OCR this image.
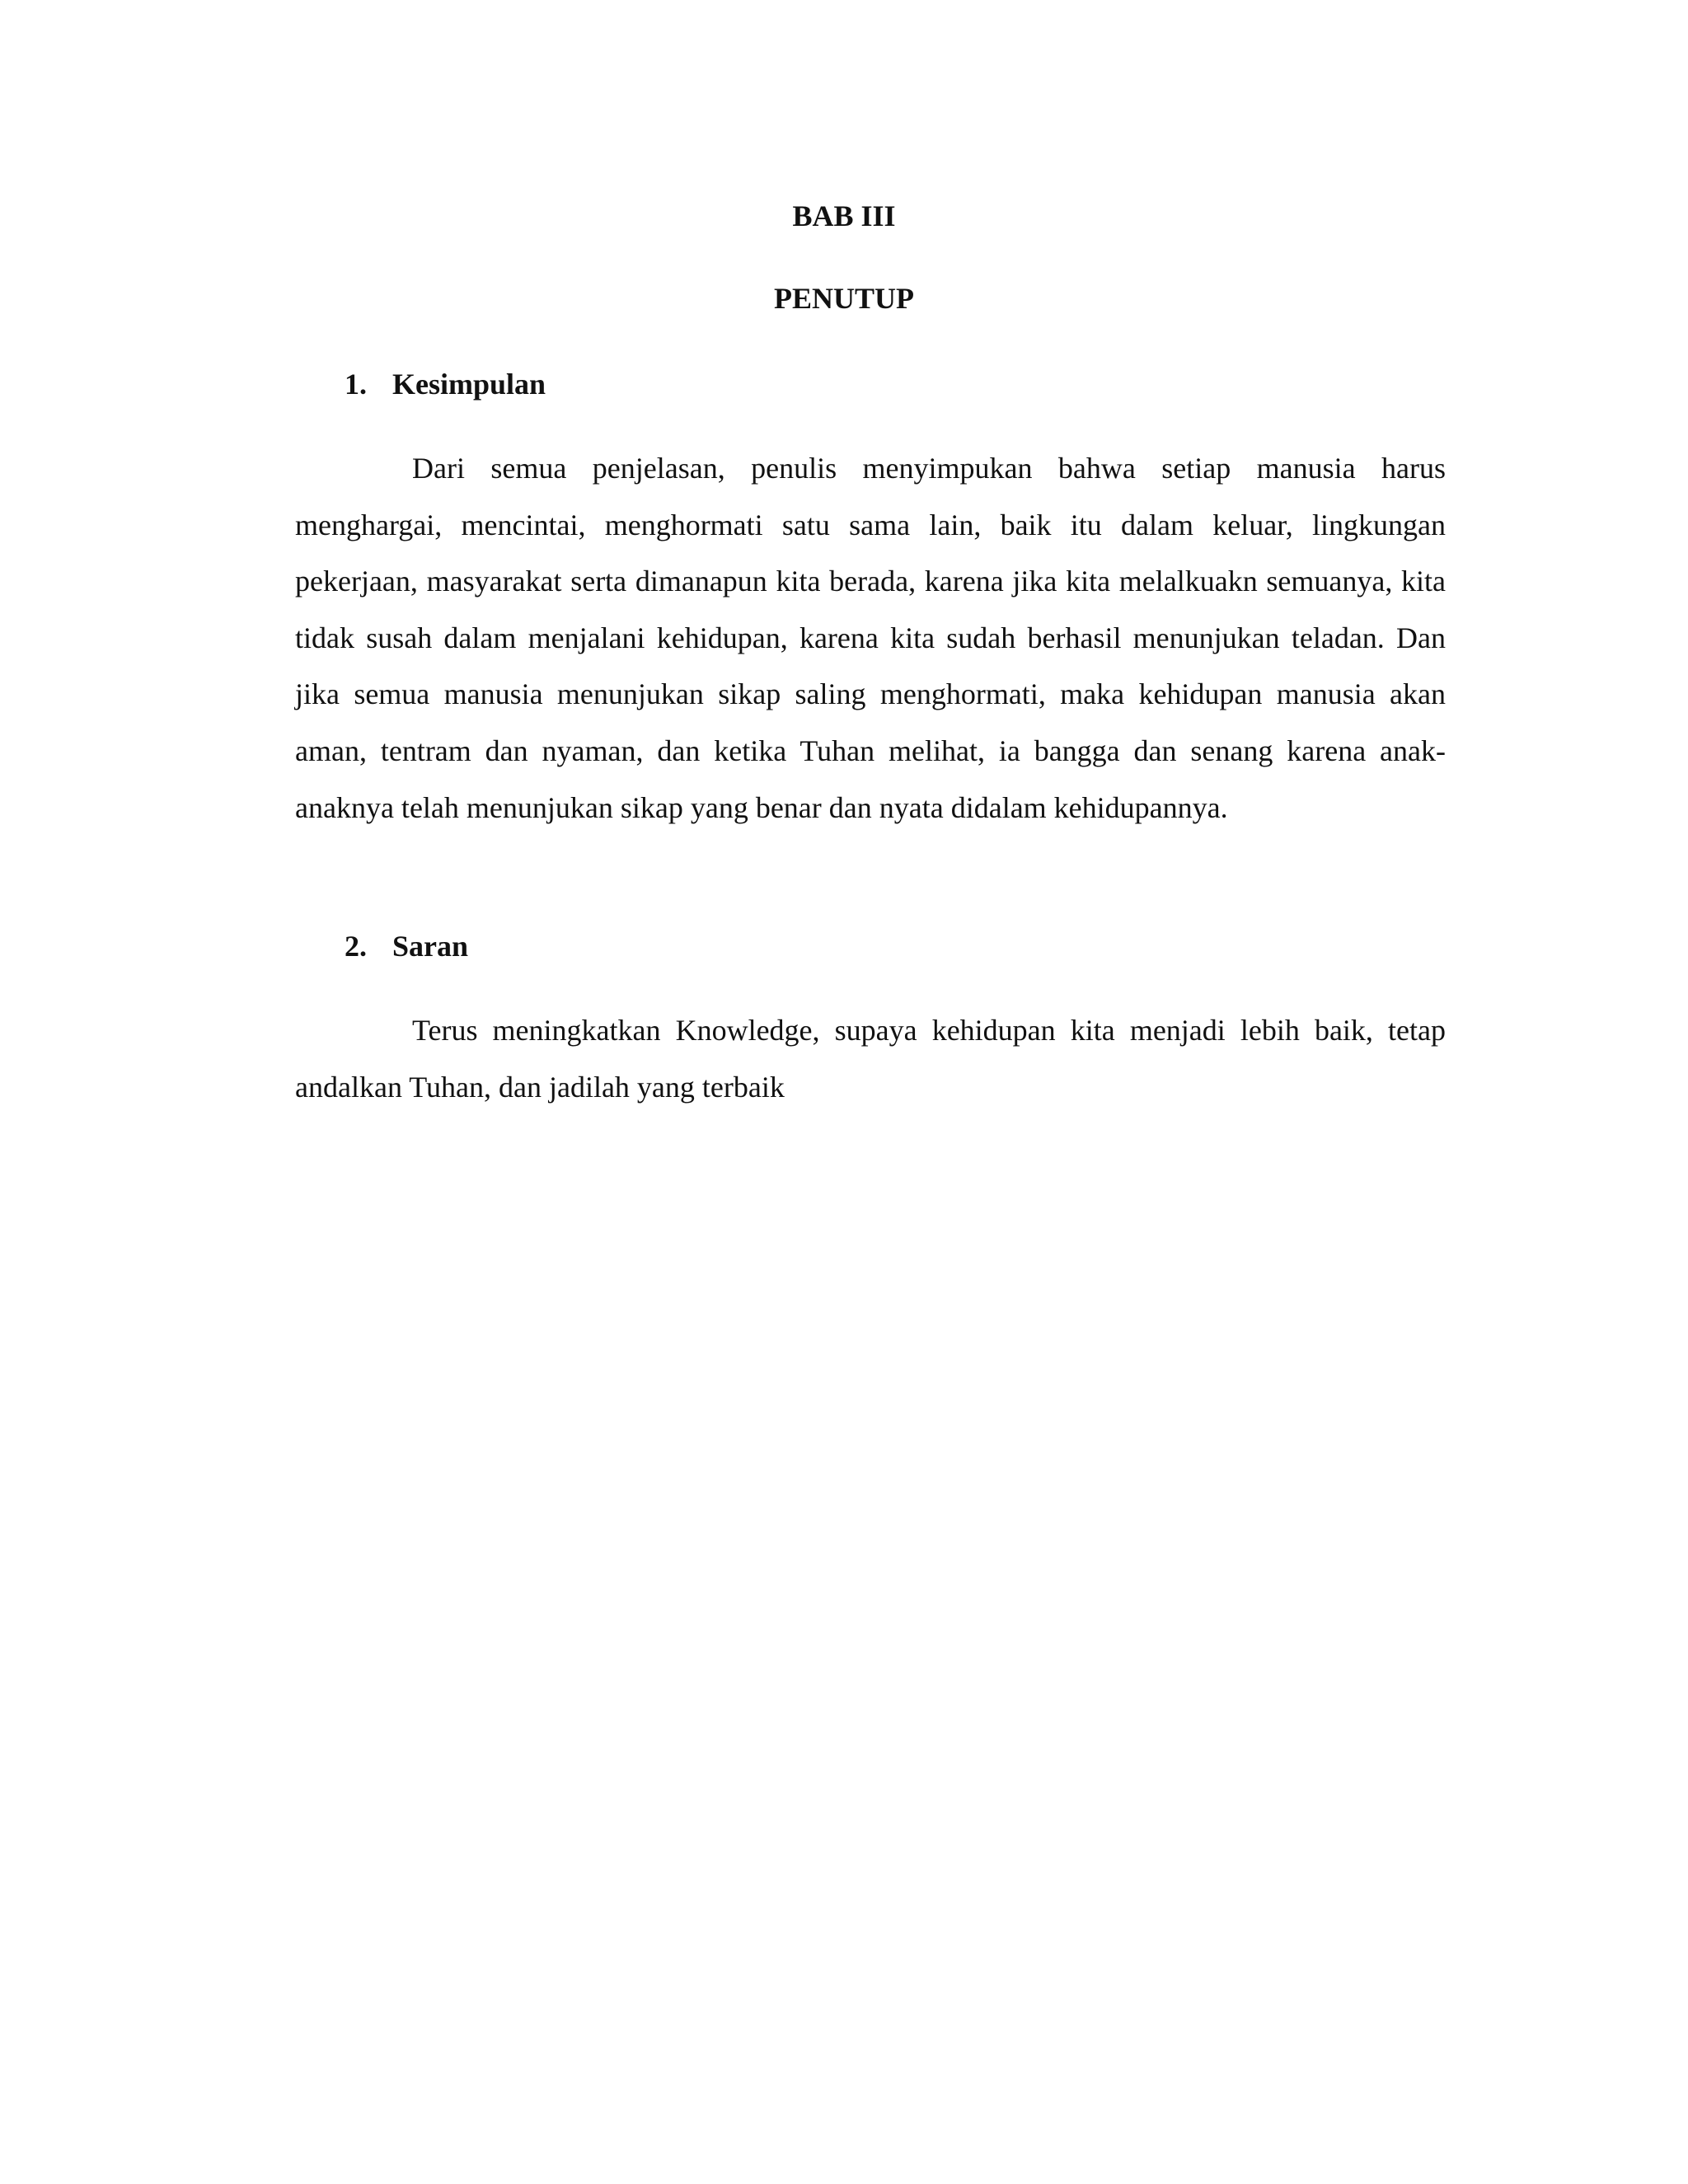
BAB III
PENUTUP
1. Kesimpulan

Dari semua penjelasan, penulis menyimpukan bahwa setiap manusia harus menghargai, mencintai, menghormati satu sama lain, baik itu dalam keluar, lingkungan pekerjaan, masyarakat serta dimanapun kita berada, karena jika kita melalkuakn semuanya, kita tidak susah dalam menjalani kehidupan, karena kita sudah berhasil menunjukan teladan. Dan jika semua manusia menunjukan sikap saling menghormati, maka kehidupan manusia akan aman, tentram dan nyaman, dan ketika Tuhan melihat, ia bangga dan senang karena anak-anaknya telah menunjukan sikap yang benar dan nyata didalam kehidupannya.

2. Saran

Terus meningkatkan Knowledge, supaya kehidupan kita menjadi lebih baik, tetap andalkan Tuhan, dan jadilah yang terbaik
